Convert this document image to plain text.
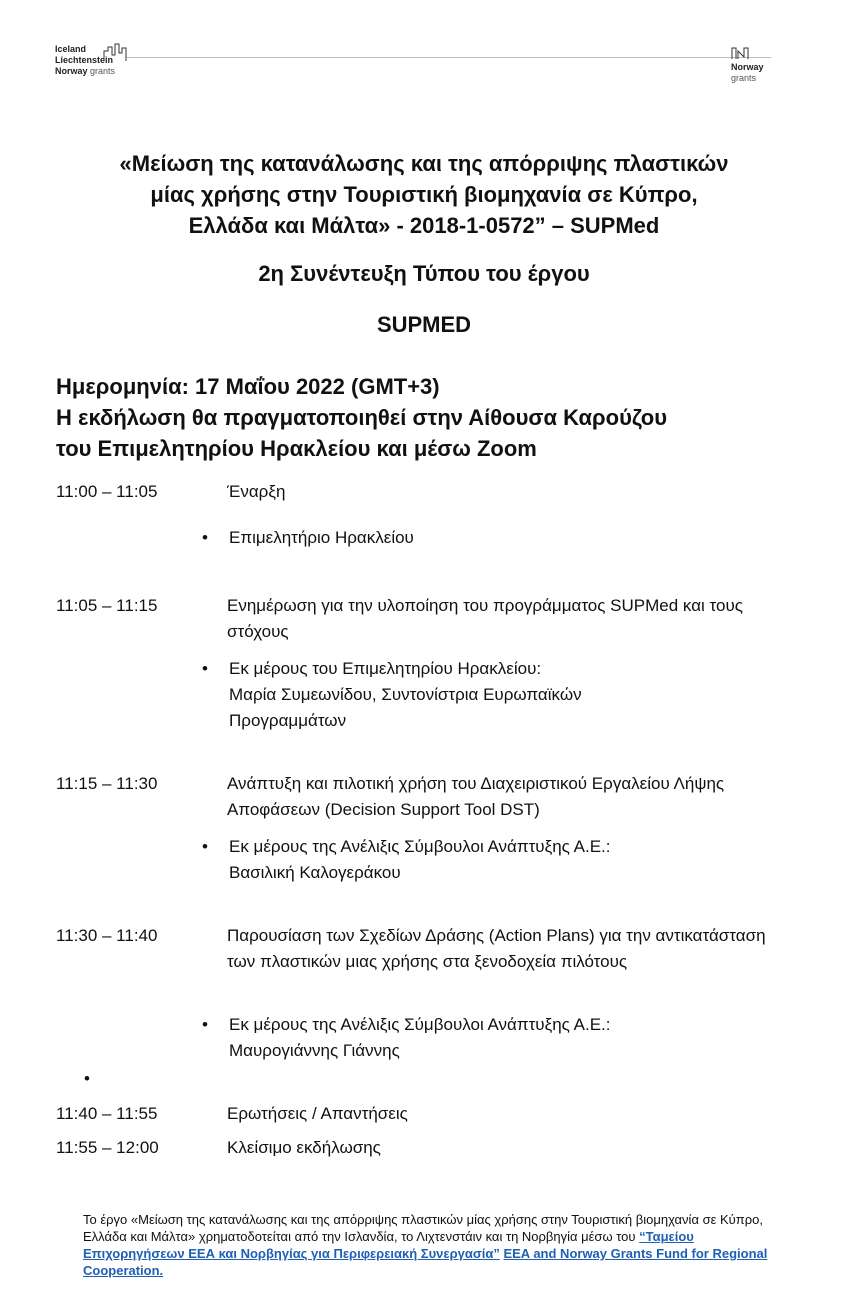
Iceland
Liechtenstein
Norway grants	Norway
grants
«Μείωση της κατανάλωσης και της απόρριψης πλαστικών
μίας χρήσης στην Τουριστική βιομηχανία σε Κύπρο,
Ελλάδα και Μάλτα» - 2018-1-0572” – SUPMed
2η Συνέντευξη Τύπου του έργου
SUPMED
Ημερομηνία: 17 Μαΐου 2022 (GMT+3)
Η εκδήλωση θα πραγματοποιηθεί στην Αίθουσα Καρούζου
του Επιμελητηρίου Ηρακλείου και μέσω Zoom
11:00 – 11:05	Έναρξη
• Επιμελητήριο Ηρακλείου
11:05 – 11:15	Ενημέρωση για την υλοποίηση του προγράμματος SUPMed και τους στόχους
• Εκ μέρους του Επιμελητηρίου Ηρακλείου:
Μαρία Συμεωνίδου, Συντονίστρια Ευρωπαϊκών Προγραμμάτων
11:15 – 11:30	Ανάπτυξη και πιλοτική χρήση του Διαχειριστικού Εργαλείου Λήψης Αποφάσεων (Decision Support Tool DST)
• Εκ μέρους της Ανέλιξις Σύμβουλοι Ανάπτυξης Α.Ε.:
Βασιλική Καλογεράκου
11:30 – 11:40	Παρουσίαση των Σχεδίων Δράσης (Action Plans) για την αντικατάσταση των πλαστικών μιας χρήσης στα ξενοδοχεία πιλότους
• Εκ μέρους της Ανέλιξις Σύμβουλοι Ανάπτυξης Α.Ε.:
Μαυρογιάννης Γιάννης
•
11:40 – 11:55	Ερωτήσεις / Απαντήσεις
11:55 – 12:00	Κλείσιμο εκδήλωσης
Το έργο «Μείωση της κατανάλωσης και της απόρριψης πλαστικών μίας χρήσης στην Τουριστική βιομηχανία σε Κύπρο, Ελλάδα και Μάλτα» χρηματοδοτείται από την Ισλανδία, το Λιχτενστάιν και τη Νορβηγία μέσω του “Ταμείου Επιχορηγήσεων ΕΕΑ και Νορβηγίας για Περιφερειακή Συνεργασία” EEA and Norway Grants Fund for Regional Cooperation.
